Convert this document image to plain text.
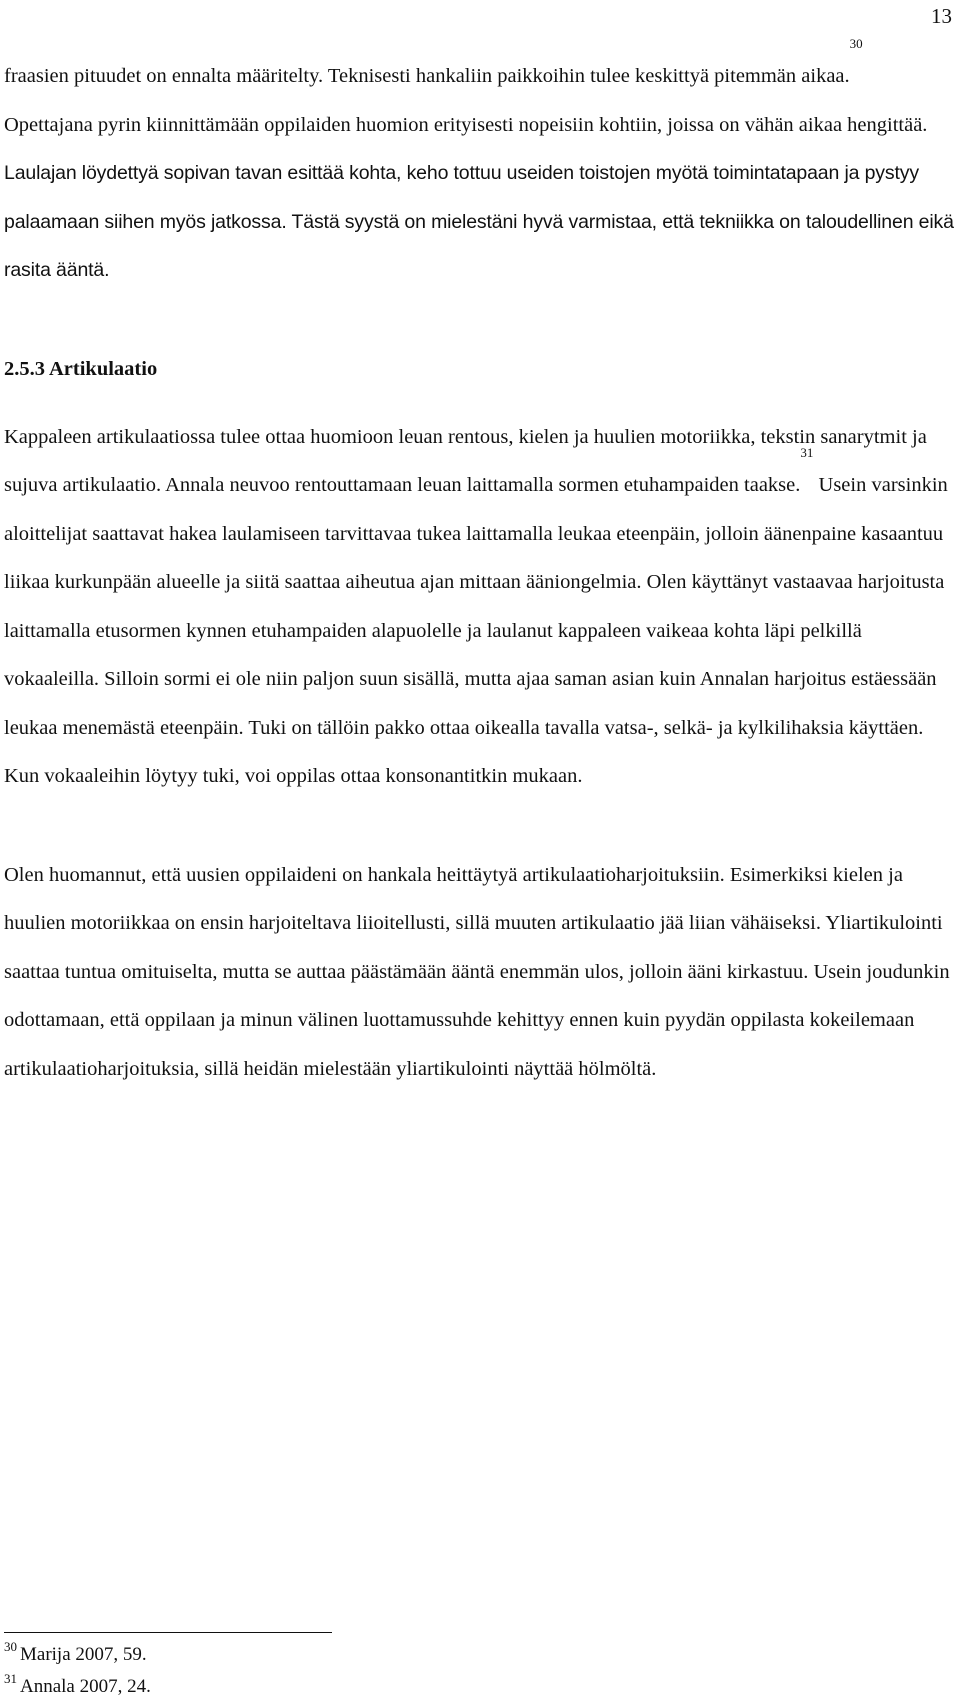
13

fraasien pituudet on ennalta määritelty. Teknisesti hankaliin paikkoihin tulee keskittyä pitemmän aikaa.$^{30}$ Opettajana pyrin kiinnittämään oppilaiden huomion erityisesti nopeisiin kohtiin, joissa on vähän aikaa hengittää. Laulajan löydettyä sopivan tavan esittää kohta, keho tottuu useiden toistojen myötä toimintatapaan ja pystyy palaamaan siihen myös jatkossa. Tästä syystä on mielestäni hyvä varmistaa, että tekniikka on taloudellinen eikä rasita ääntä.

2.5.3 Artikulaatio

Kappaleen artikulaatiossa tulee ottaa huomioon leuan rentous, kielen ja huulien motoriikka, tekstin sanarytmit ja sujuva artikulaatio. Annala neuvoo rentouttamaan leuan laittamalla sormen etuhampaiden taakse.$^{31}$ Usein varsinkin aloittelijat saattavat hakea laulamiseen tarvittavaa tukea laittamalla leukaa eteenpäin, jolloin äänenpaine kasaantuu liikaa kurkunpään alueelle ja siitä saattaa aiheutua ajan mittaan ääniongelmia. Olen käyttänyt vastaavaa harjoitusta laittamalla etusormen kynnen etuhampaiden alapuolelle ja laulanut kappaleen vaikeaa kohta läpi pelkillä vokaaleilla. Silloin sormi ei ole niin paljon suun sisällä, mutta ajaa saman asian kuin Annalan harjoitus estäessään leukaa menemästä eteenpäin. Tuki on tällöin pakko ottaa oikealla tavalla vatsa-, selkä- ja kylkilihaksia käyttäen. Kun vokaaleihin löytyy tuki, voi oppilas ottaa konsonantitkin mukaan.

Olen huomannut, että uusien oppilaideni on hankala heittäytyä artikulaatioharjoituksiin. Esimerkiksi kielen ja huulien motoriikkaa on ensin harjoiteltava liioitellusti, sillä muuten artikulaatio jää liian vähäiseksi. Yliartikulointi saattaa tuntua omituiselta, mutta se auttaa päästämään ääntä enemmän ulos, jolloin ääni kirkastuu. Usein joudunkin odottamaan, että oppilaan ja minun välinen luottamussuhde kehittyy ennen kuin pyydän oppilasta kokeilemaan artikulaatioharjoituksia, sillä heidän mielestään yliartikulointi näyttää hölmöltä.

$^{30}$ Marija 2007, 59.
$^{31}$ Annala 2007, 24.
